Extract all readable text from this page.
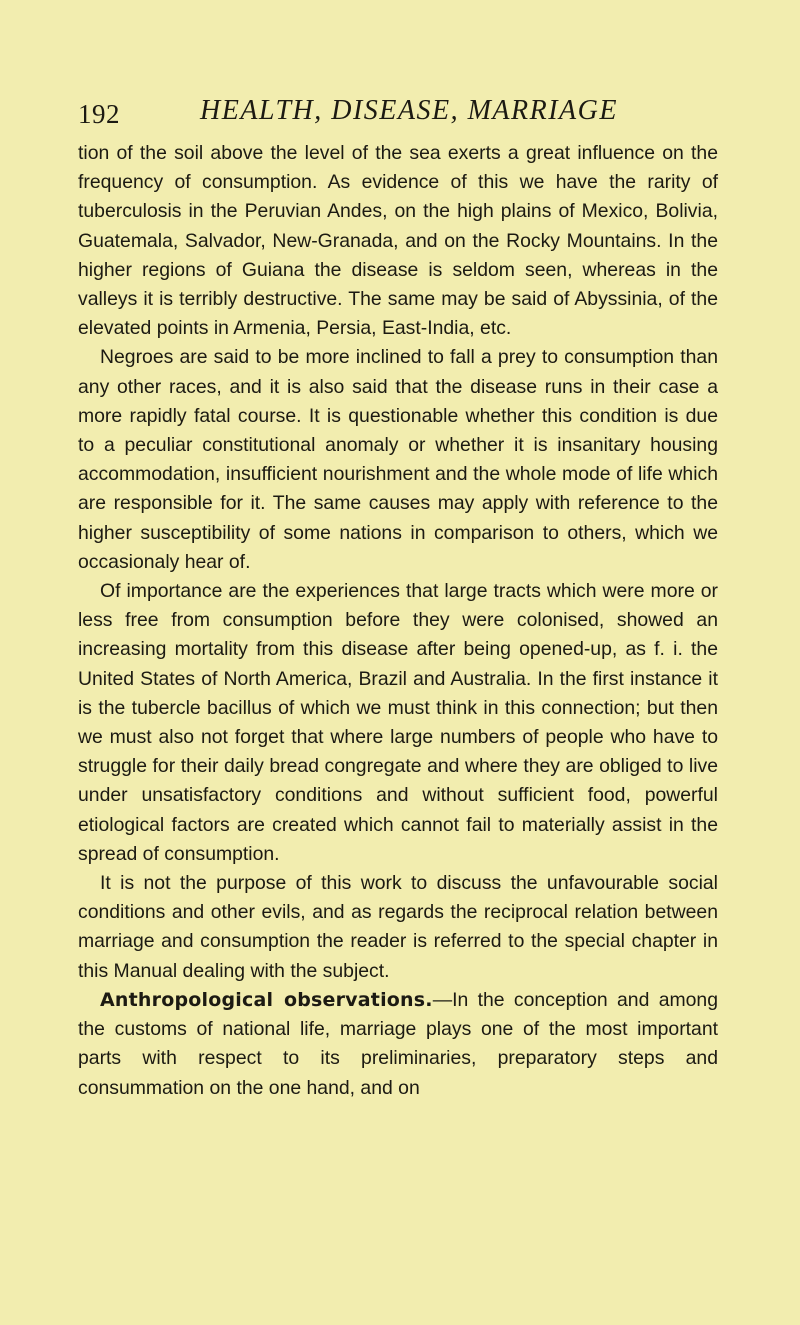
192	HEALTH, DISEASE, MARRIAGE

tion of the soil above the level of the sea exerts a great influence on the frequency of consumption. As evidence of this we have the rarity of tuberculosis in the Peruvian Andes, on the high plains of Mexico, Bolivia, Guatemala, Salvador, New-Granada, and on the Rocky Mountains. In the higher regions of Guiana the disease is seldom seen, whereas in the valleys it is terribly destructive. The same may be said of Abyssinia, of the elevated points in Armenia, Persia, East-India, etc.

Negroes are said to be more inclined to fall a prey to consumption than any other races, and it is also said that the disease runs in their case a more rapidly fatal course. It is questionable whether this condition is due to a peculiar constitutional anomaly or whether it is insanitary housing accommodation, insufficient nourishment and the whole mode of life which are responsible for it. The same causes may apply with reference to the higher susceptibility of some nations in comparison to others, which we occasionaly hear of.

Of importance are the experiences that large tracts which were more or less free from consumption before they were colonised, showed an increasing mortality from this disease after being opened-up, as f. i. the United States of North America, Brazil and Australia. In the first instance it is the tubercle bacillus of which we must think in this connection; but then we must also not forget that where large numbers of people who have to struggle for their daily bread congregate and where they are obliged to live under unsatisfactory conditions and without sufficient food, powerful etiological factors are created which cannot fail to materially assist in the spread of consumption.

It is not the purpose of this work to discuss the unfavourable social conditions and other evils, and as regards the reciprocal relation between marriage and consumption the reader is referred to the special chapter in this Manual dealing with the subject.

Anthropological observations.—In the conception and among the customs of national life, marriage plays one of the most important parts with respect to its preliminaries, preparatory steps and consummation on the one hand, and on
